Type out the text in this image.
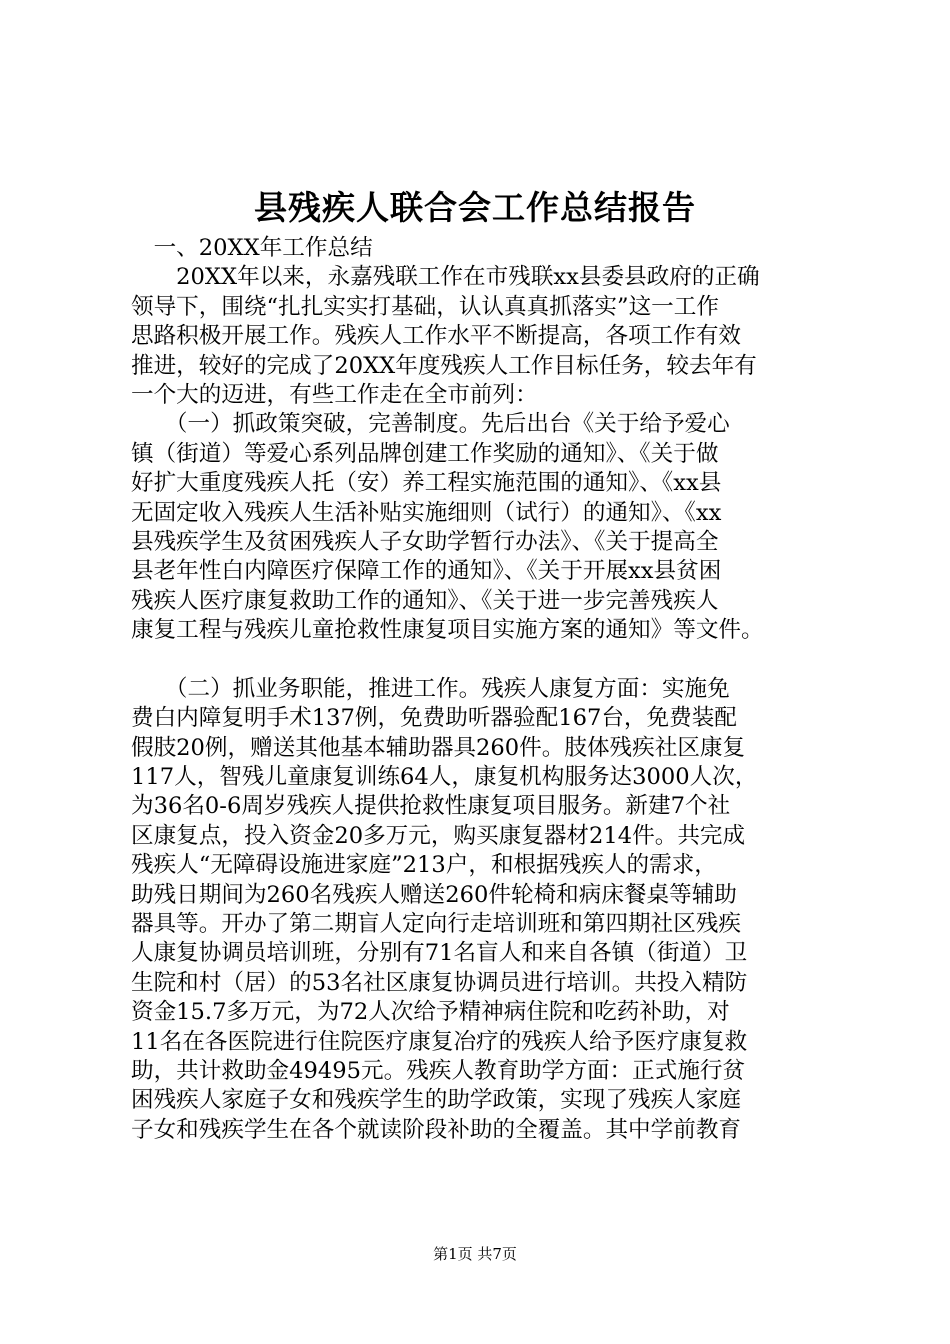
县残疾人联合会工作总结报告
　一、20XX年工作总结
　　20XX年以来，永嘉残联工作在市残联xx县委县政府的正确
领导下，围绕“扎扎实实打基础，认认真真抓落实”这一工作
思路积极开展工作。残疾人工作水平不断提高，各项工作有效
推进，较好的完成了20XX年度残疾人工作目标任务，较去年有
一个大的迈进，有些工作走在全市前列：
　　（一）抓政策突破，完善制度。先后出台《关于给予爱心
镇（街道）等爱心系列品牌创建工作奖励的通知》、《关于做
好扩大重度残疾人托（安）养工程实施范围的通知》、《xx县
无固定收入残疾人生活补贴实施细则（试行）的通知》、《xx
县残疾学生及贫困残疾人子女助学暂行办法》、《关于提高全
县老年性白内障医疗保障工作的通知》、《关于开展xx县贫困
残疾人医疗康复救助工作的通知》、《关于进一步完善残疾人
康复工程与残疾儿童抢救性康复项目实施方案的通知》等文件。
　　（二）抓业务职能，推进工作。残疾人康复方面：实施免
费白内障复明手术137例，免费助听器验配167台，免费装配
假肢20例，赠送其他基本辅助器具260件。肢体残疾社区康复
117人，智残儿童康复训练64人，康复机构服务达3000人次，
为36名0-6周岁残疾人提供抢救性康复项目服务。新建7个社
区康复点，投入资金20多万元，购买康复器材214件。共完成
残疾人“无障碍设施进家庭”213户，和根据残疾人的需求，
助残日期间为260名残疾人赠送260件轮椅和病床餐桌等辅助
器具等。开办了第二期盲人定向行走培训班和第四期社区残疾
人康复协调员培训班，分别有71名盲人和来自各镇（街道）卫
生院和村（居）的53名社区康复协调员进行培训。共投入精防
资金15.7多万元，为72人次给予精神病住院和吃药补助，对
11名在各医院进行住院医疗康复冶疗的残疾人给予医疗康复救
助，共计救助金49495元。残疾人教育助学方面：正式施行贫
困残疾人家庭子女和残疾学生的助学政策，实现了残疾人家庭
子女和残疾学生在各个就读阶段补助的全覆盖。其中学前教育
第1页 共7页
